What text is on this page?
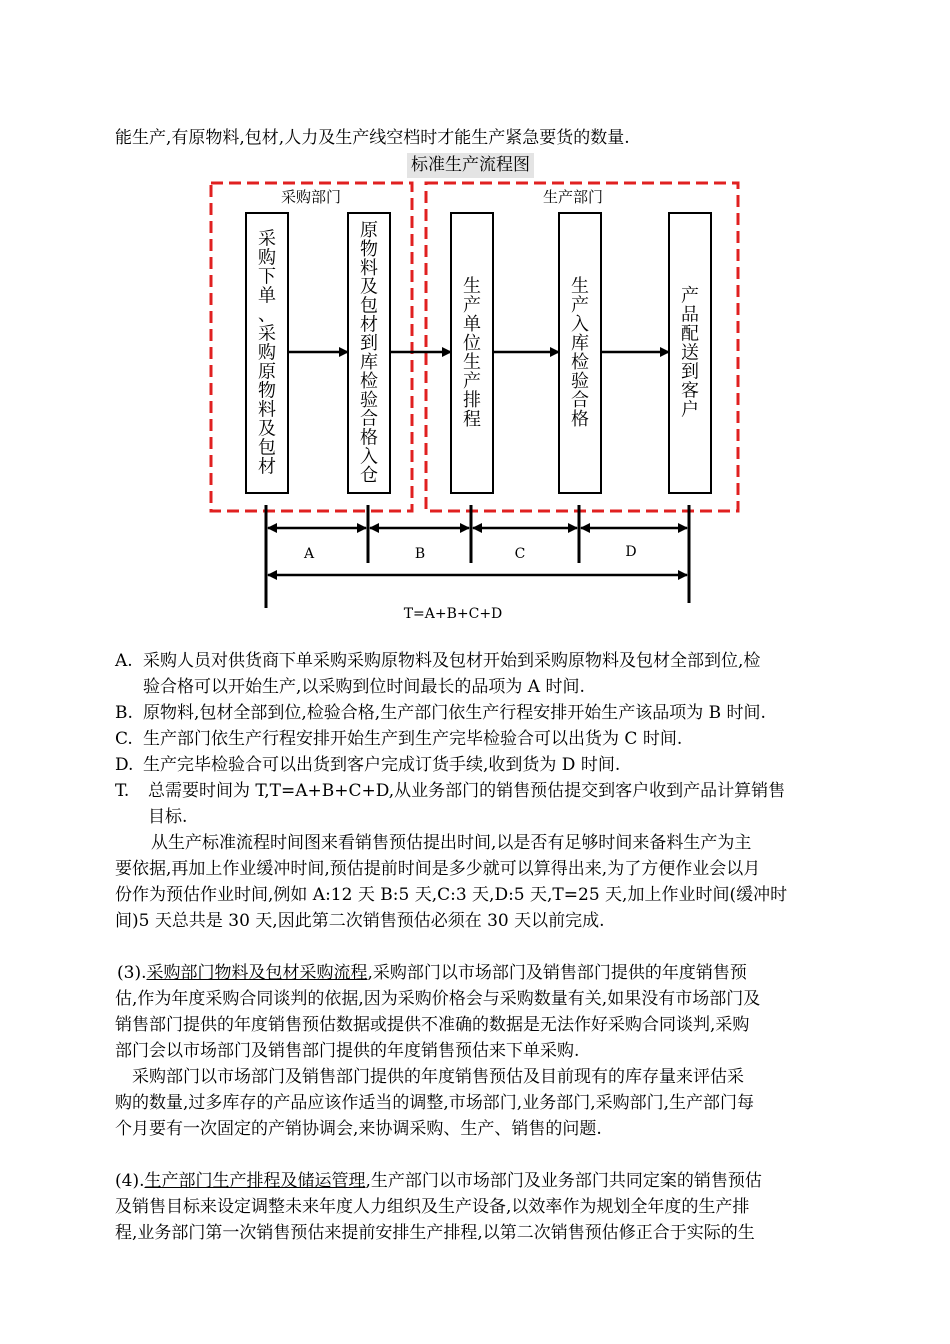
能生产,有原物料,包材,人力及生产线空档时才能生产紧急要货的数量.
标准生产流程图
采购部门	生产部门
采
购
下
单
、
采
购
原
物
料
及
包
材
原
物
料
及
包
材
到
库
检
验
合
格
入
仓
生
产
单
位
生
产
排
程
生
产
入
库
检
验
合
格
产
品
配
送
到
客
户
A	B	C	D
T=A+B+C+D
A. 采购人员对供货商下单采购采购原物料及包材开始到采购原物料及包材全部到位,检
验合格可以开始生产,以采购到位时间最长的品项为 A 时间.
B. 原物料,包材全部到位,检验合格,生产部门依生产行程安排开始生产该品项为 B 时间.
C. 生产部门依生产行程安排开始生产到生产完毕检验合可以出货为 C 时间.
D. 生产完毕检验合可以出货到客户完成订货手续,收到货为 D 时间.
T. 总需要时间为 T,T=A+B+C+D,从业务部门的销售预估提交到客户收到产品计算销售
目标.
从生产标准流程时间图来看销售预估提出时间,以是否有足够时间来备料生产为主
要依据,再加上作业缓冲时间,预估提前时间是多少就可以算得出来,为了方便作业会以月
份作为预估作业时间,例如 A:12 天 B:5 天,C:3 天,D:5 天,T=25 天,加上作业时间(缓冲时
间)5 天总共是 30 天,因此第二次销售预估必须在 30 天以前完成.
(3).采购部门物料及包材采购流程,采购部门以市场部门及销售部门提供的年度销售预
估,作为年度采购合同谈判的依据,因为采购价格会与采购数量有关,如果没有市场部门及
销售部门提供的年度销售预估数据或提供不准确的数据是无法作好采购合同谈判,采购
部门会以市场部门及销售部门提供的年度销售预估来下单采购.
采购部门以市场部门及销售部门提供的年度销售预估及目前现有的库存量来评估采
购的数量,过多库存的产品应该作适当的调整,市场部门,业务部门,采购部门,生产部门每
个月要有一次固定的产销协调会,来协调采购、生产、销售的问题.
(4).生产部门生产排程及储运管理,生产部门以市场部门及业务部门共同定案的销售预估
及销售目标来设定调整未来年度人力组织及生产设备,以效率作为规划全年度的生产排
程,业务部门第一次销售预估来提前安排生产排程,以第二次销售预估修正合于实际的生
